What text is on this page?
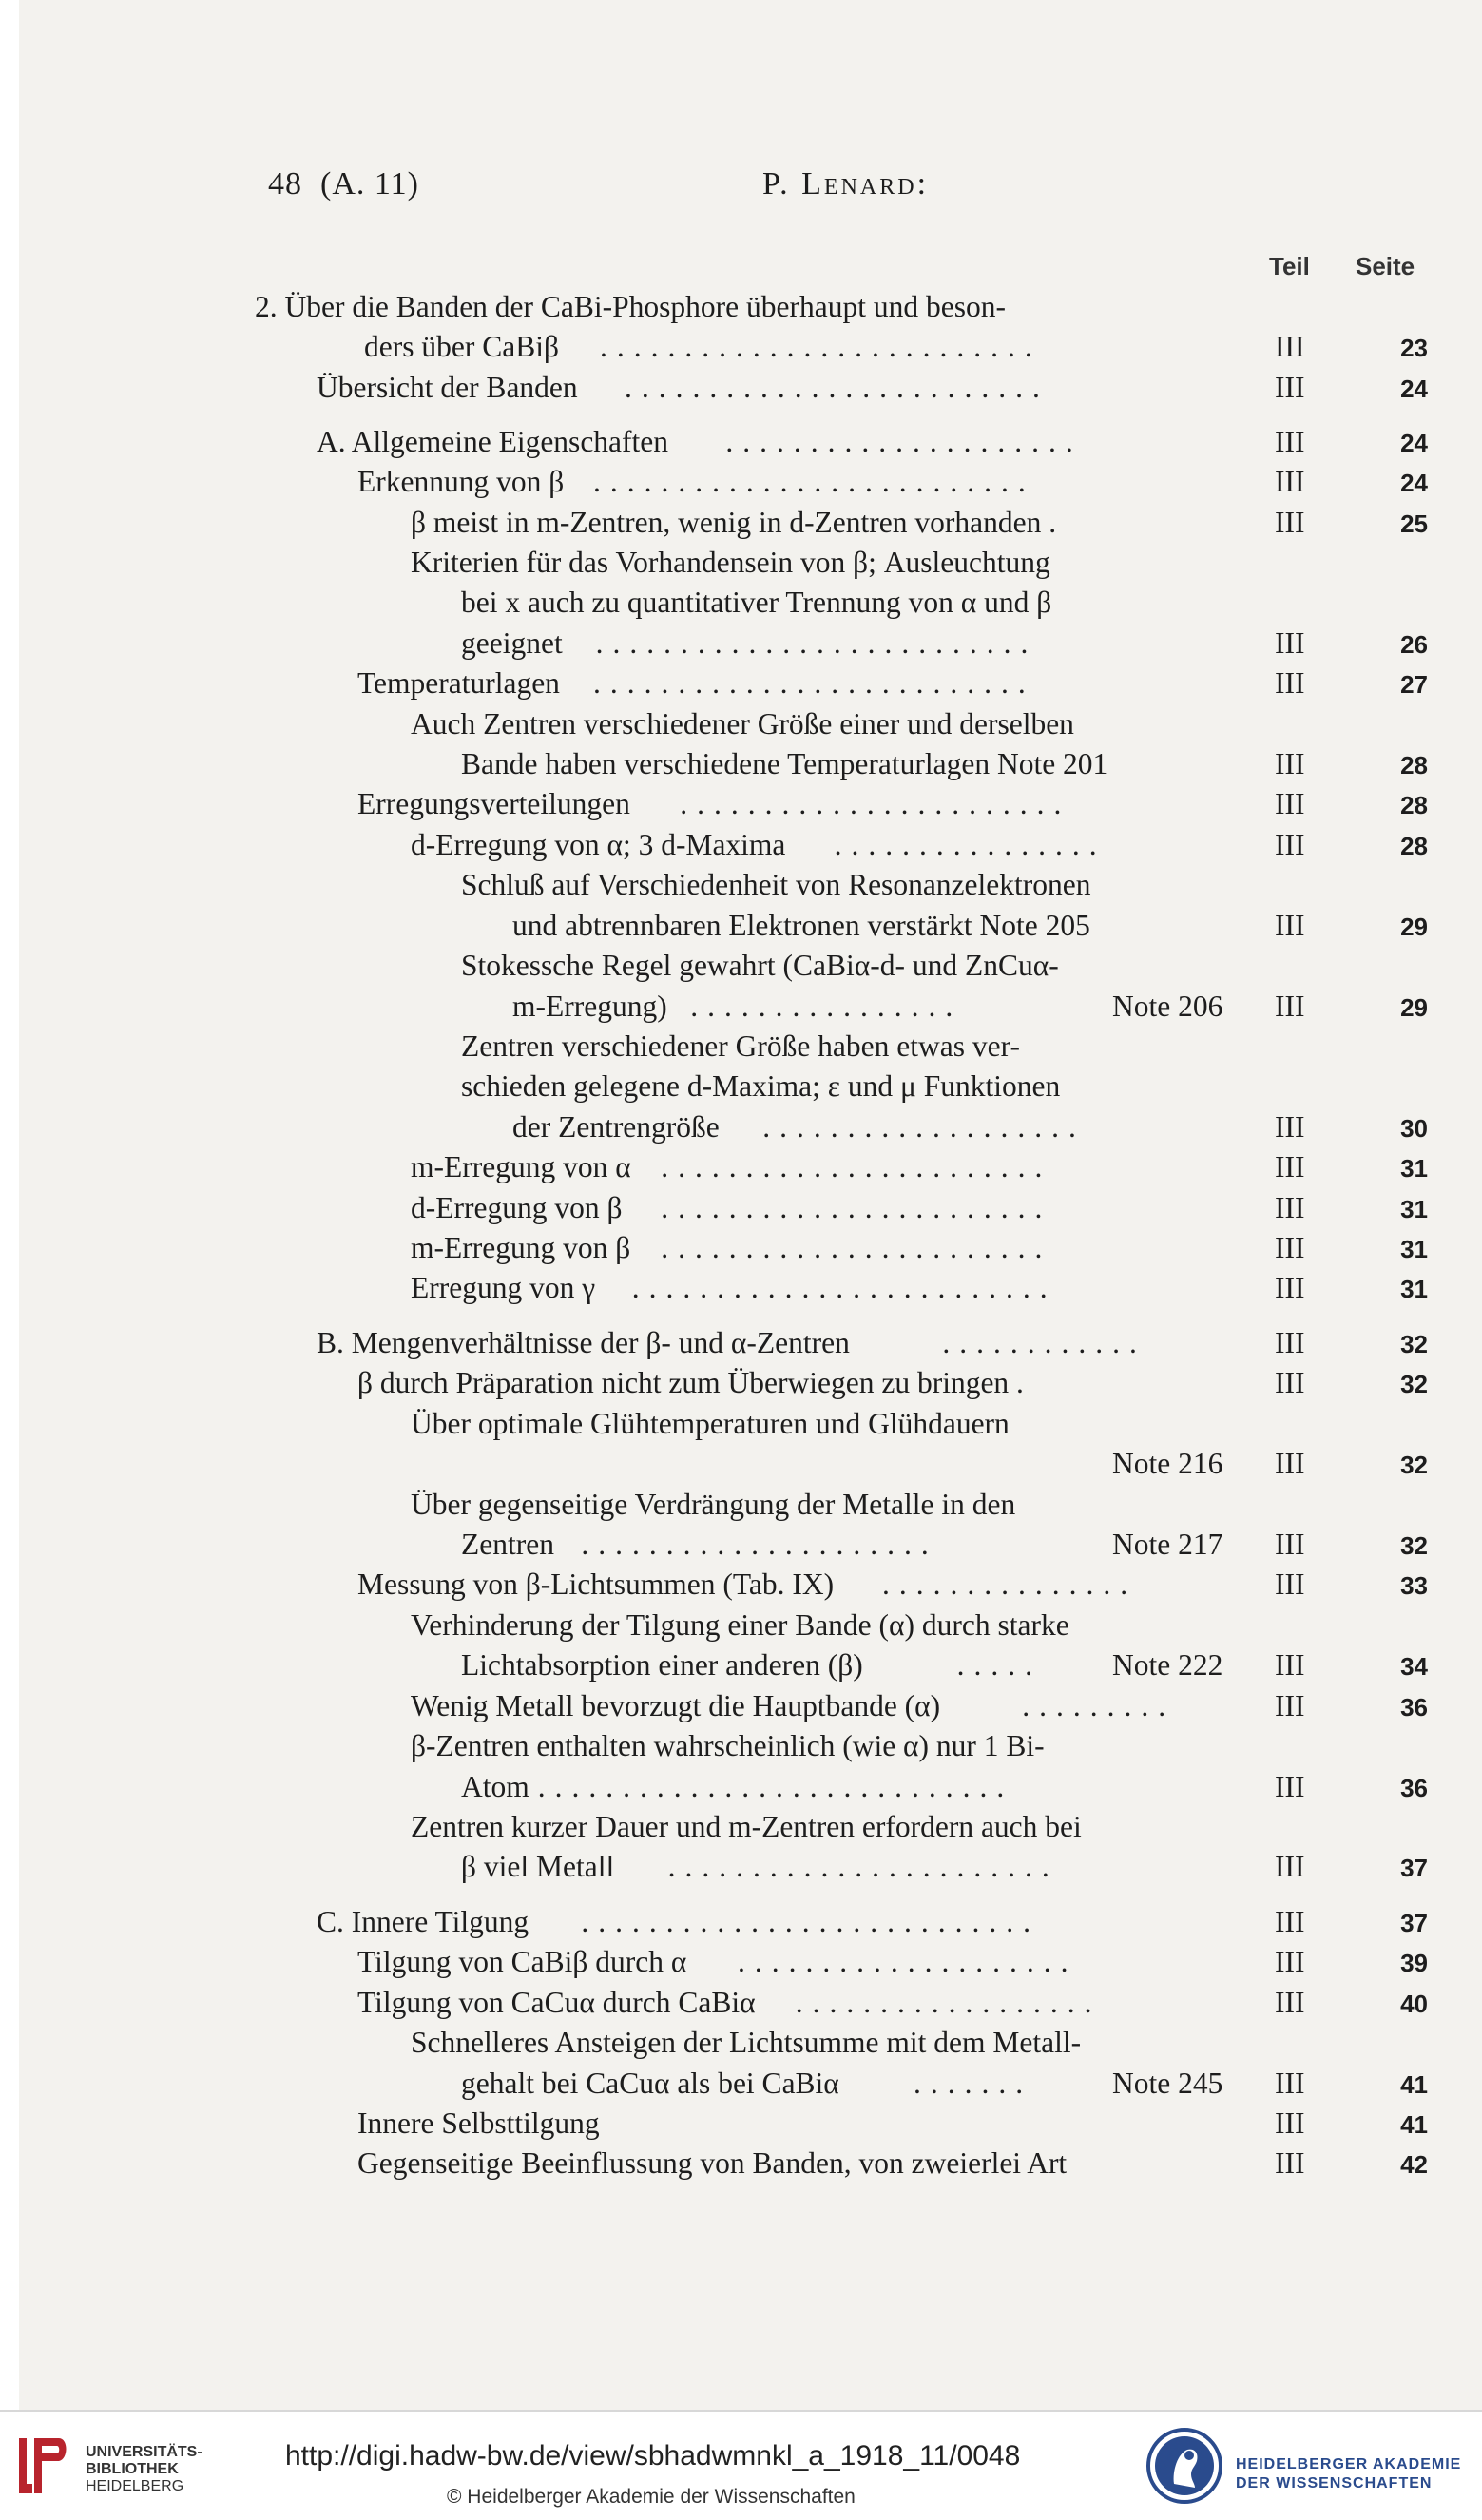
48 (A. 11)	P. Lenard:
Teil Seite
2. Über die Banden der CaBi-Phosphore überhaupt und beson-
ders über CaBiβ ..........................	III	23
Übersicht der Banden .........................	III	24
A. Allgemeine Eigenschaften .....................	III	24
Erkennung von β ..........................	III	24
β meist in m-Zentren, wenig in d-Zentren vorhanden .	III	25
Kriterien für das Vorhandensein von β; Ausleuchtung
bei x auch zu quantitativer Trennung von α und β
geeignet ..........................	III	26
Temperaturlagen ..........................	III	27
Auch Zentren verschiedener Größe einer und derselben
Bande haben verschiedene Temperaturlagen Note 201	III	28
Erregungsverteilungen .......................	III	28
d-Erregung von α; 3 d-Maxima ................	III	28
Schluß auf Verschiedenheit von Resonanzelektronen
und abtrennbaren Elektronen verstärkt Note 205	III	29
Stokessche Regel gewahrt (CaBiα-d- und ZnCuα-
m-Erregung) ................	Note 206 III	29
Zentren verschiedener Größe haben etwas ver-
schieden gelegene d-Maxima; ε und μ Funktionen
der Zentrengröße ...................	III	30
m-Erregung von α .......................	III	31
d-Erregung von β .......................	III	31
m-Erregung von β .......................	III	31
Erregung von γ .........................	III	31
B. Mengenverhältnisse der β- und α-Zentren	............	III	32
β durch Präparation nicht zum Überwiegen zu bringen .	III	32
Über optimale Glühtemperaturen und Glühdauern
Note 216 III	32
Über gegenseitige Verdrängung der Metalle in den
Zentren .....................	Note 217 III	32
Messung von β-Lichtsummen (Tab. IX) ...............	III	33
Verhinderung der Tilgung einer Bande (α) durch starke
Lichtabsorption einer anderen (β)	..... Note 222 III	34
Wenig Metall bevorzugt die Hauptbande (α)	.........	III	36
β-Zentren enthalten wahrscheinlich (wie α) nur 1 Bi-
Atom ............................	III	36
Zentren kurzer Dauer und m-Zentren erfordern auch bei
β viel Metall .......................	III	37
C. Innere Tilgung ...........................	III	37
Tilgung von CaBiβ durch α ....................	III	39
Tilgung von CaCuα durch CaBiα ..................	III	40
Schnelleres Ansteigen der Lichtsumme mit dem Metall-
gehalt bei CaCuα als bei CaBiα .......	Note 245 III	41
Innere Selbsttilgung	III	41
Gegenseitige Beeinflussung von Banden, von zweierlei Art	III	42
UNIVERSITÄTS-
BIBLIOTHEK
HEIDELBERG
http://digi.hadw-bw.de/view/sbhadwmnkl_a_1918_11/0048
© Heidelberger Akademie der Wissenschaften
HEIDELBERGER AKADEMIE
DER WISSENSCHAFTEN
